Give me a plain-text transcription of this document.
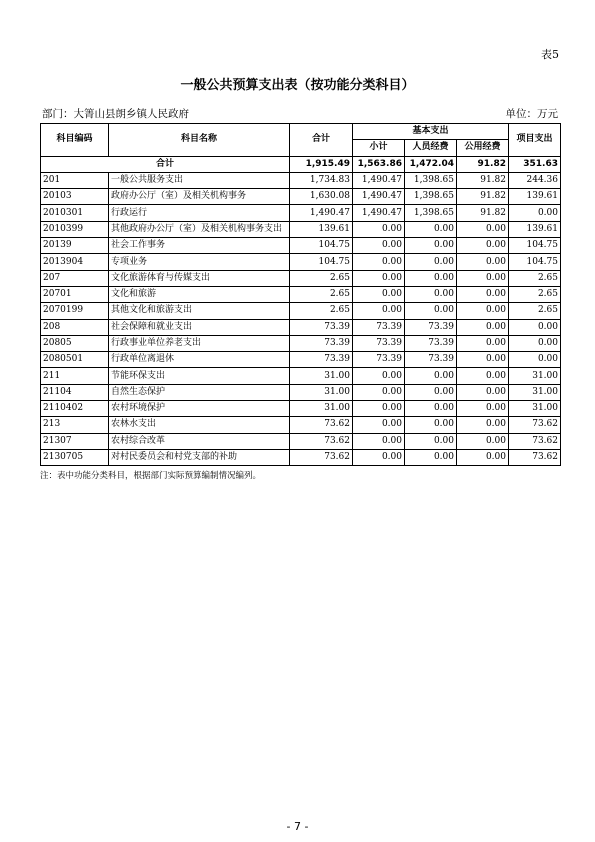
表5
一般公共预算支出表（按功能分类科目）
部门：大箐山县朗乡镇人民政府	单位：万元
科目编码	科目名称	合计	基本支出			项目支出
			小计	人员经费	公用经费	
合计		1,915.49	1,563.86	1,472.04	91.82	351.63
201	一般公共服务支出	1,734.83	1,490.47	1,398.65	91.82	244.36
20103	政府办公厅（室）及相关机构事务	1,630.08	1,490.47	1,398.65	91.82	139.61
2010301	行政运行	1,490.47	1,490.47	1,398.65	91.82	0.00
2010399	其他政府办公厅（室）及相关机构事务支出	139.61	0.00	0.00	0.00	139.61
20139	社会工作事务	104.75	0.00	0.00	0.00	104.75
2013904	专项业务	104.75	0.00	0.00	0.00	104.75
207	文化旅游体育与传媒支出	2.65	0.00	0.00	0.00	2.65
20701	文化和旅游	2.65	0.00	0.00	0.00	2.65
2070199	其他文化和旅游支出	2.65	0.00	0.00	0.00	2.65
208	社会保障和就业支出	73.39	73.39	73.39	0.00	0.00
20805	行政事业单位养老支出	73.39	73.39	73.39	0.00	0.00
2080501	行政单位离退休	73.39	73.39	73.39	0.00	0.00
211	节能环保支出	31.00	0.00	0.00	0.00	31.00
21104	自然生态保护	31.00	0.00	0.00	0.00	31.00
2110402	农村环境保护	31.00	0.00	0.00	0.00	31.00
213	农林水支出	73.62	0.00	0.00	0.00	73.62
21307	农村综合改革	73.62	0.00	0.00	0.00	73.62
2130705	对村民委员会和村党支部的补助	73.62	0.00	0.00	0.00	73.62
注：表中功能分类科目，根据部门实际预算编制情况编列。
- 7 -
